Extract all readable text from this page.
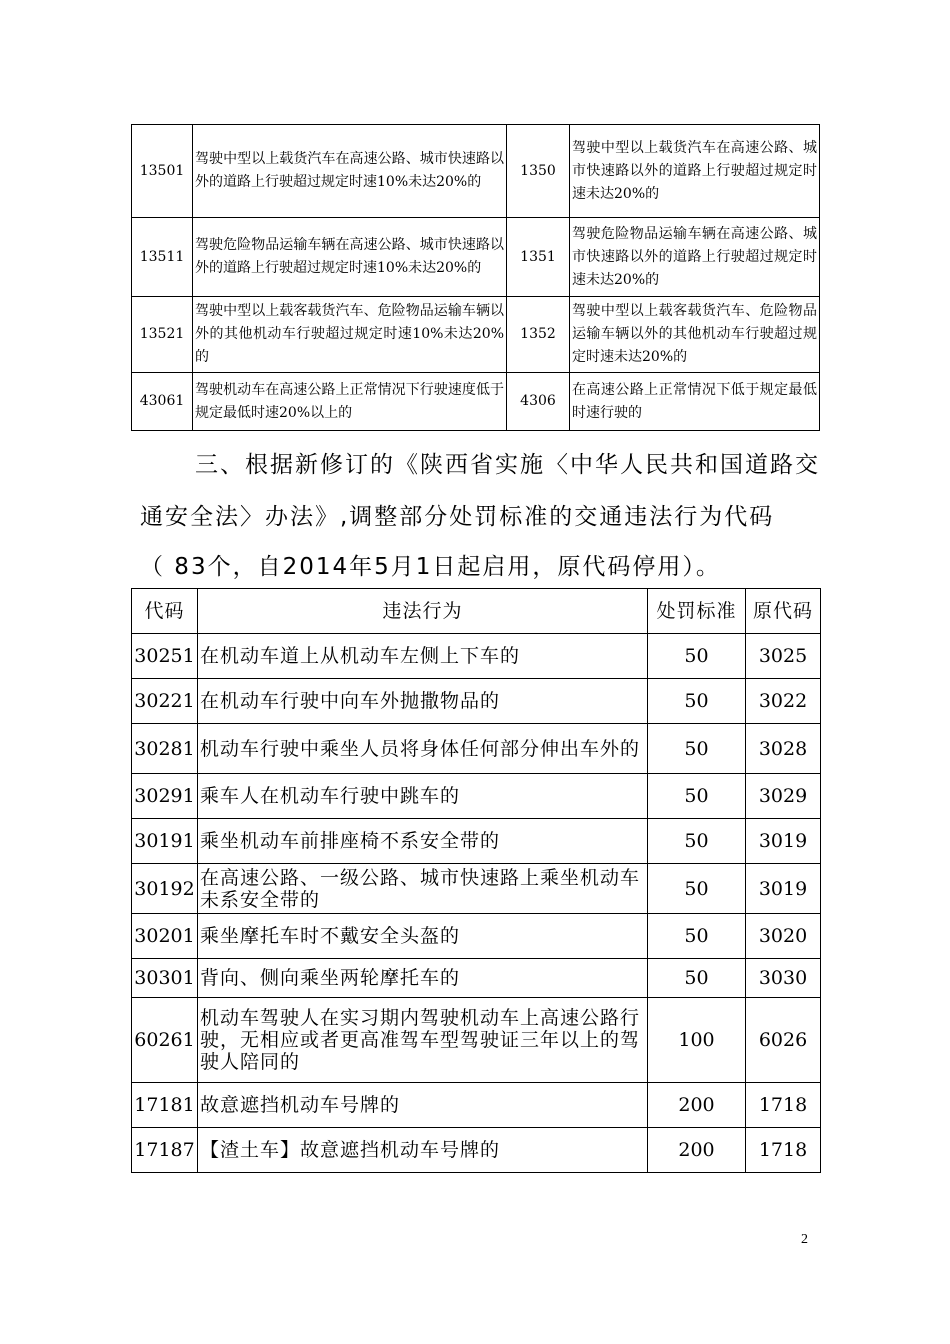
13501	驾驶中型以上载货汽车在高速公路、城市快速路以外的道路上行驶超过规定时速10%未达20%的	1350	驾驶中型以上载货汽车在高速公路、城市快速路以外的道路上行驶超过规定时速未达20%的
13511	驾驶危险物品运输车辆在高速公路、城市快速路以外的道路上行驶超过规定时速10%未达20%的	1351	驾驶危险物品运输车辆在高速公路、城市快速路以外的道路上行驶超过规定时速未达20%的
13521	驾驶中型以上载客载货汽车、危险物品运输车辆以外的其他机动车行驶超过规定时速10%未达20%的	1352	驾驶中型以上载客载货汽车、危险物品运输车辆以外的其他机动车行驶超过规定时速未达20%的
43061	驾驶机动车在高速公路上正常情况下行驶速度低于规定最低时速20%以上的	4306	在高速公路上正常情况下低于规定最低时速行驶的
三、根据新修订的《陕西省实施〈中华人民共和国道路交
通安全法〉办法》,调整部分处罚标准的交通违法行为代码
（ 83个，自2014年5月1日起启用，原代码停用）。
代码	违法行为	处罚标准	原代码
30251	在机动车道上从机动车左侧上下车的	50	3025
30221	在机动车行驶中向车外抛撒物品的	50	3022
30281	机动车行驶中乘坐人员将身体任何部分伸出车外的	50	3028
30291	乘车人在机动车行驶中跳车的	50	3029
30191	乘坐机动车前排座椅不系安全带的	50	3019
30192	在高速公路、一级公路、城市快速路上乘坐机动车未系安全带的	50	3019
30201	乘坐摩托车时不戴安全头盔的	50	3020
30301	背向、侧向乘坐两轮摩托车的	50	3030
60261	机动车驾驶人在实习期内驾驶机动车上高速公路行驶，无相应或者更高准驾车型驾驶证三年以上的驾驶人陪同的	100	6026
17181	故意遮挡机动车号牌的	200	1718
17187	【渣土车】故意遮挡机动车号牌的	200	1718
2
